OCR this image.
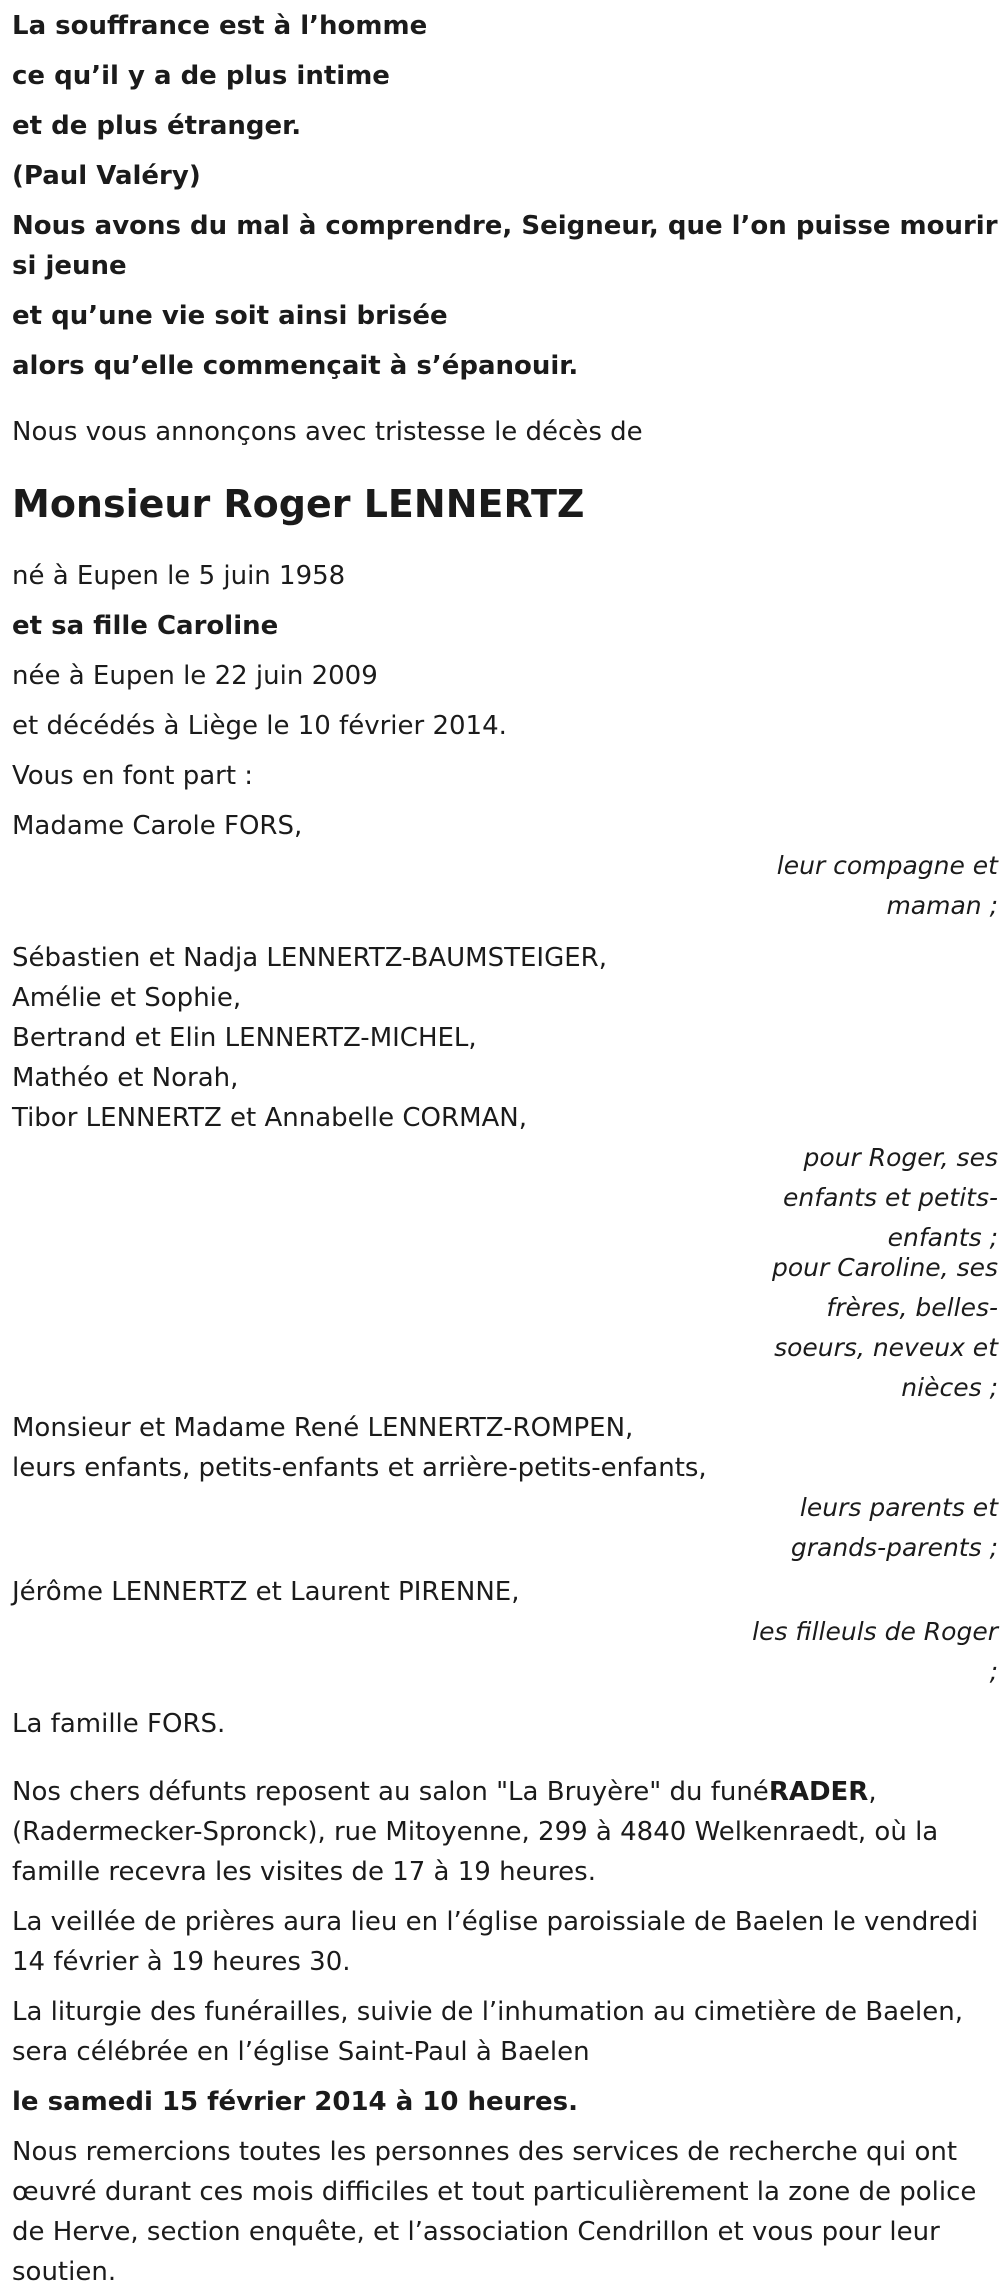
La souffrance est à l’homme

ce qu’il y a de plus intime

et de plus étranger.

(Paul Valéry)

Nous avons du mal à comprendre, Seigneur, que l’on puisse mourir si jeune

et qu’une vie soit ainsi brisée

alors qu’elle commençait à s’épanouir.

Nous vous annonçons avec tristesse le décès de

Monsieur Roger LENNERTZ

né à Eupen le 5 juin 1958

et sa fille Caroline

née à Eupen le 22 juin 2009

et décédés à Liège le 10 février 2014.

Vous en font part :

Madame Carole FORS,

leur compagne et maman ;

Sébastien et Nadja LENNERTZ-BAUMSTEIGER,

Amélie et Sophie,

Bertrand et Elin LENNERTZ-MICHEL,

Mathéo et Norah,

Tibor LENNERTZ et Annabelle CORMAN,

pour Roger, ses enfants et petits-enfants ;

pour Caroline, ses frères, belles-soeurs, neveux et nièces ;

Monsieur et Madame René LENNERTZ-ROMPEN,

leurs enfants, petits-enfants et arrière-petits-enfants,

leurs parents et grands-parents ;

Jérôme LENNERTZ et Laurent PIRENNE,

les filleuls de Roger ;

La famille FORS.

Nos chers défunts reposent au salon "La Bruyère" du funéRADER, (Radermecker-Spronck), rue Mitoyenne, 299 à 4840 Welkenraedt, où la famille recevra les visites de 17 à 19 heures.

La veillée de prières aura lieu en l’église paroissiale de Baelen le vendredi 14 février à 19 heures 30.

La liturgie des funérailles, suivie de l’inhumation au cimetière de Baelen, sera célébrée en l’église Saint-Paul à Baelen

le samedi 15 février 2014 à 10 heures.

Nous remercions toutes les personnes des services de recherche qui ont œuvré durant ces mois difficiles et tout particulièrement la zone de police de Herve, section enquête, et l’association Cendrillon et vous pour leur soutien.
